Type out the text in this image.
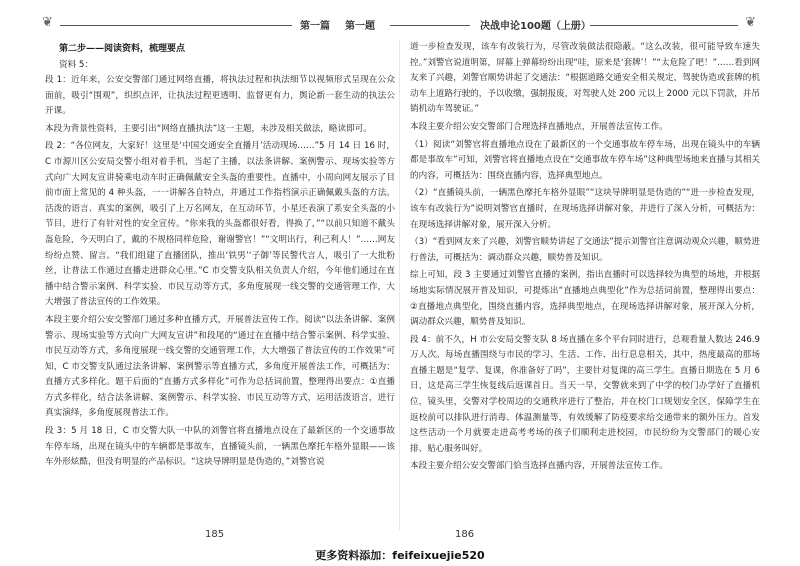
❦	第一篇 第一题	决战申论100题（上册）	❦
第二步——阅读资料，梳理要点
资料 5：

段 1：近年来，公安交警部门通过网络直播，将执法过程和执法细节以视频形式呈现在公众面前，吸引“围观”，织织点评，让执法过程更透明、监督更有力，舆论新一套生动的执法公开课。

本段为背景性资料，主要引出“网络直播执法”这一主题，未涉及相关做法，略读即可。

段 2：“各位网友，大家好！这里是‘中国交通安全直播月’活动现场……”5 月 14 日 16 时，C 市源川区公安局交警小组对着手机，当起了主播，以法条讲解、案例警示、现场实验等方式向广大网友宣讲骑乘电动车时正确佩戴安全头盔的重要性。直播中，小周向网友展示了目前市面上常见的 4 种头盔，一一讲解各自特点，并通过工作指档演示正确佩戴头盔的方法。活泼的语言、真实的案例，吸引了上万名网友，在互动环节，小星还表演了系安全头盔的小节目，进行了有针对性的安全宣传。“你来我的头盔都很好看，得换了，”“以前只知道不戴头盔危险，今天明白了，戴的不规格同样危险，谢谢警官！”“文明出行，利己利人！”……网友纷纷点赞、留言。“我们组建了直播团队，推出‘铁男’‘子御’等民警代言人，吸引了一大批粉丝，让普法工作通过直播走进群众心里。”C 市交警支队相关负责人介绍，今年他们通过在直播中结合警示案例、科学实验、市民互动等方式，多角度展现一线交警的交通管理工作，大大增强了普法宣传的工作效果。

本段主要介绍公安交警部门通过多种直播方式，开展普法宣传工作。阅读“以法条讲解、案例警示、现场实验等方式向广大网友宣讲”和段尾的“通过在直播中结合警示案例、科学实验、市民互动等方式，多角度展现一线交警的交通管理工作，大大增强了普法宣传的工作效果”可知，C 市交警支队通过法条讲解、案例警示等直播方式，多角度开展普法工作，可概括为：直播方式多样化。题干后面的“直播方式多样化”可作为总括词前置，整理得出要点：①直播方式多样化，结合法条讲解、案例警示、科学实验、市民互动等方式，运用活泼语言，进行真实演绎，多角度展现普法工作。

段 3：5 月 18 日，C 市交警大队一中队的刘警官将直播地点设在了最新区的一个交通事故车停车场，出现在镜头中的车辆都是事故车，直播镜头前，一辆黑色摩托车格外显眼——该车外形炫酷，但没有明显的产品标识。“这块导牌明显是伪造的，”刘警官说

185

道一步检查发现，该车有改装行为，尽管改装做法很隐蔽。“这么改装，很可能导致车速失控。”刘警官说道明第，屏幕上弹幕纷纷出现“哇，原来是‘套牌’！”“太危险了吧！”……看到网友来了兴趣，刘警官顺势讲起了交通法：“根据道路交通安全相关规定，驾驶伪造或套牌的机动车上道路行驶的，予以收缴，强制报废，对驾驶人处 200 元以上 2000 元以下罚款，并吊销机动车驾驶证。”

本段主要介绍公安交警部门合理选择直播地点，开展普法宣传工作。

（1）阅读“刘警官将直播地点设在了最新区的一个交通事故车停车场，出现在镜头中的车辆都是事故车”可知，刘警官将直播地点设在“交通事故车停车场”这种典型场地来直播与其相关的内容，可概括为：围绕直播内容，选择典型地点。

（2）“直播镜头前，一辆黑色摩托车格外显眼”“这块导牌明显是伪造的”“进一步检查发现，该车有改装行为”说明刘警官直播时，在现场选择讲解对象，并进行了深入分析，可概括为：在现场选择讲解对象，展开深入分析。

（3）“看到网友来了兴趣，刘警官顺势讲起了交通法”提示刘警官注意调动观众兴趣，顺势进行普法，可概括为：调动群众兴趣，顺势普及知识。

综上可知，段 3 主要通过刘警官直播的案例，指出直播时可以选择较为典型的场地，并根据场地实际情况展开普及知识，可提炼出“直播地点典型化”作为总括词前置，整理得出要点：②直播地点典型化，围绕直播内容，选择典型地点，在现场选择讲解对象，展开深入分析，调动群众兴趣，顺势普及知识。

段 4：前不久，H 市公安局交警支队 8 场直播在多个平台同时进行，总观看量人数达 246.9 万人次。每场直播围绕与市民的学习、生活、工作、出行息息相关，其中，热度最高的那场直播主题是“复学、复课，你准备好了吗”，主要针对复课的高三学生。直播日期选在 5 月 6 日，这是高三学生恢复线后返课首日。当天一早，交警就来到了中学的校门办学好了直播机位，镜头里，交警对学校周边的交通秩序进行了整治，并在校门口规划安全区，保障学生在返校前可以排队进行消毒、体温测量等，有效缓解了防疫要求给交通带来的额外压力。首发这些活动一个月就要走进高考考场的孩子们顺利走进校园，市民纷纷为交警部门的暖心安排、贴心服务叫好。

本段主要介绍公安交警部门恰当选择直播内容，开展普法宣传工作。

186
更多资料添加：feifeixuejie520
